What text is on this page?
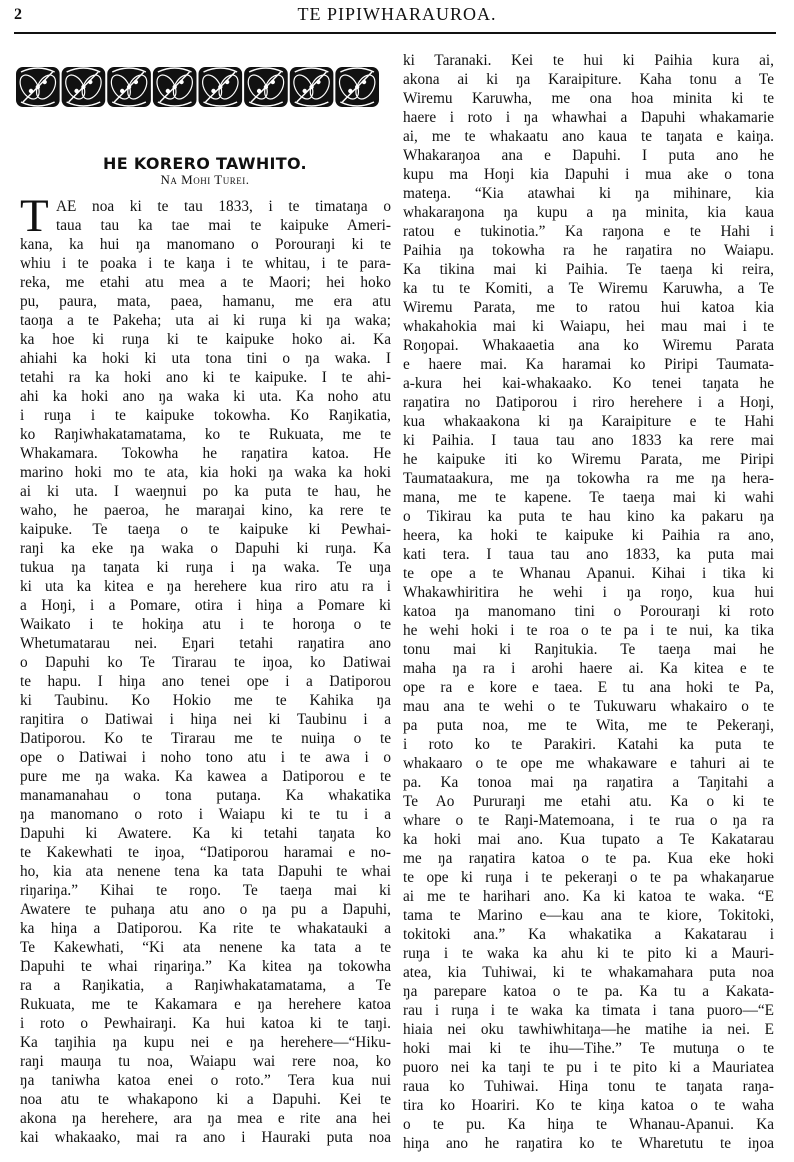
2	TE PIPIWHARAUROA.
HE KORERO TAWHITO.
Na Mohi Turei.
T AE noa ki te tau 1833, i te timataŋa o
taua tau ka tae mai te kaipuke Ameri-
kana, ka hui ŋa manomano o Porouraŋi ki te
whiu i te poaka i te kaŋa i te whitau, i te para-
reka, me etahi atu mea a te Maori; hei hoko
pu, paura, mata, paea, hamanu, me era atu
taoŋa a te Pakeha; uta ai ki ruŋa ki ŋa waka;
ka hoe ki ruŋa ki te kaipuke hoko ai. Ka
ahiahi ka hoki ki uta tona tini o ŋa waka. I
tetahi ra ka hoki ano ki te kaipuke. I te ahi-
ahi ka hoki ano ŋa waka ki uta. Ka noho atu
i ruŋa i te kaipuke tokowha. Ko Raŋikatia,
ko Raŋiwhakatamatama, ko te Rukuata, me te
Whakamara. Tokowha he raŋatira katoa. He
marino hoki mo te ata, kia hoki ŋa waka ka hoki
ai ki uta. I waeŋnui po ka puta te hau, he
waho, he paeroa, he maraŋai kino, ka rere te
kaipuke. Te taeŋa o te kaipuke ki Pewhai-
raŋi ka eke ŋa waka o Ŋapuhi ki ruŋa. Ka
tukua ŋa taŋata ki ruŋa i ŋa waka. Te uŋa
ki uta ka kitea e ŋa herehere kua riro atu ra i
a Hoŋi, i a Pomare, otira i hiŋa a Pomare ki
Waikato i te hokiŋa atu i te horoŋa o te
Whetumatarau nei. Eŋari tetahi raŋatira ano
o Ŋapuhi ko Te Tirarau te iŋoa, ko Ŋatiwai
te hapu. I hiŋa ano tenei ope i a Ŋatiporou
ki Taubinu. Ko Hokio me te Kahika ŋa
raŋitira o Ŋatiwai i hiŋa nei ki Taubinu i a
Ŋatiporou. Ko te Tirarau me te nuiŋa o te
ope o Ŋatiwai i noho tono atu i te awa i o
pure me ŋa waka. Ka kawea a Ŋatiporou e te
manamanahau o tona putaŋa. Ka whakatika
ŋa manomano o roto i Waiapu ki te tu i a
Ŋapuhi ki Awatere. Ka ki tetahi taŋata ko
te Kakewhati te iŋoa, “Ŋatiporou haramai e no-
ho, kia ata nenene tena ka tata Ŋapuhi te whai
riŋariŋa.” Kihai te roŋo. Te taeŋa mai ki
Awatere te puhaŋa atu ano o ŋa pu a Ŋapuhi,
ka hiŋa a Ŋatiporou. Ka rite te whakatauki a
Te Kakewhati, “Ki ata nenene ka tata a te
Ŋapuhi te whai riŋariŋa.” Ka kitea ŋa tokowha
ra a Raŋikatia, a Raŋiwhakatamatama, a Te
Rukuata, me te Kakamara e ŋa herehere katoa
i roto o Pewhairaŋi. Ka hui katoa ki te taŋi.
Ka taŋihia ŋa kupu nei e ŋa herehere—“Hiku-
raŋi mauŋa tu noa, Waiapu wai rere noa, ko
ŋa taniwha katoa enei o roto.” Tera kua nui
noa atu te whakapono ki a Ŋapuhi. Kei te
akona ŋa herehere, ara ŋa mea e rite ana hei
kai whakaako, mai ra ano i Hauraki puta noa
ki Taranaki. Kei te hui ki Paihia kura ai,
akona ai ki ŋa Karaipiture. Kaha tonu a Te
Wiremu Karuwha, me ona hoa minita ki te
haere i roto i ŋa whawhai a Ŋapuhi whakamarie
ai, me te whakaatu ano kaua te taŋata e kaiŋa.
Whakaraŋoa ana e Ŋapuhi. I puta ano he
kupu ma Hoŋi kia Ŋapuhi i mua ake o tona
mateŋa. “Kia atawhai ki ŋa mihinare, kia
whakaraŋona ŋa kupu a ŋa minita, kia kaua
ratou e tukinotia.” Ka raŋona e te Hahi i
Paihia ŋa tokowha ra he raŋatira no Waiapu.
Ka tikina mai ki Paihia. Te taeŋa ki reira,
ka tu te Komiti, a Te Wiremu Karuwha, a Te
Wiremu Parata, me to ratou hui katoa kia
whakahokia mai ki Waiapu, hei mau mai i te
Roŋopai. Whakaaetia ana ko Wiremu Parata
e haere mai. Ka haramai ko Piripi Taumata-
a-kura hei kai-whakaako. Ko tenei taŋata he
raŋatira no Ŋatiporou i riro herehere i a Hoŋi,
kua whakaakona ki ŋa Karaipiture e te Hahi
ki Paihia. I taua tau ano 1833 ka rere mai
he kaipuke iti ko Wiremu Parata, me Piripi
Taumataakura, me ŋa tokowha ra me ŋa hera-
mana, me te kapene. Te taeŋa mai ki wahi
o Tikirau ka puta te hau kino ka pakaru ŋa
heera, ka hoki te kaipuke ki Paihia ra ano,
kati tera. I taua tau ano 1833, ka puta mai
te ope a te Whanau Apanui. Kihai i tika ki
Whakawhiritira he wehi i ŋa roŋo, kua hui
katoa ŋa manomano tini o Porouraŋi ki roto
he wehi hoki i te roa o te pa i te nui, ka tika
tonu mai ki Raŋitukia. Te taeŋa mai he
maha ŋa ra i arohi haere ai. Ka kitea e te
ope ra e kore e taea. E tu ana hoki te Pa,
mau ana te wehi o te Tukuwaru whakairo o te
pa puta noa, me te Wita, me te Pekeraŋi,
i roto ko te Parakiri. Katahi ka puta te
whakaaro o te ope me whakaware e tahuri ai te
pa. Ka tonoa mai ŋa raŋatira a Taŋitahi a
Te Ao Pururaŋi me etahi atu. Ka o ki te
whare o te Raŋi-Matemoana, i te rua o ŋa ra
ka hoki mai ano. Kua tupato a Te Kakatarau
me ŋa raŋatira katoa o te pa. Kua eke hoki
te ope ki ruŋa i te pekeraŋi o te pa whakaŋarue
ai me te harihari ano. Ka ki katoa te waka. “E
tama te Marino e—kau ana te kiore, Tokitoki,
tokitoki ana.” Ka whakatika a Kakatarau i
ruŋa i te waka ka ahu ki te pito ki a Mauri-
atea, kia Tuhiwai, ki te whakamahara puta noa
ŋa parepare katoa o te pa. Ka tu a Kakata-
rau i ruŋa i te waka ka timata i tana puoro—“E
hiaia nei oku tawhiwhitaŋa—he matihe ia nei. E
hoki mai ki te ihu—Tihe.” Te mutuŋa o te
puoro nei ka taŋi te pu i te pito ki a Mauriatea
raua ko Tuhiwai. Hiŋa tonu te taŋata raŋa-
tira ko Hoariri. Ko te kiŋa katoa o te waha
o te pu. Ka hiŋa te Whanau-Apanui. Ka
hiŋa ano he raŋatira ko te Wharetutu te iŋoa
